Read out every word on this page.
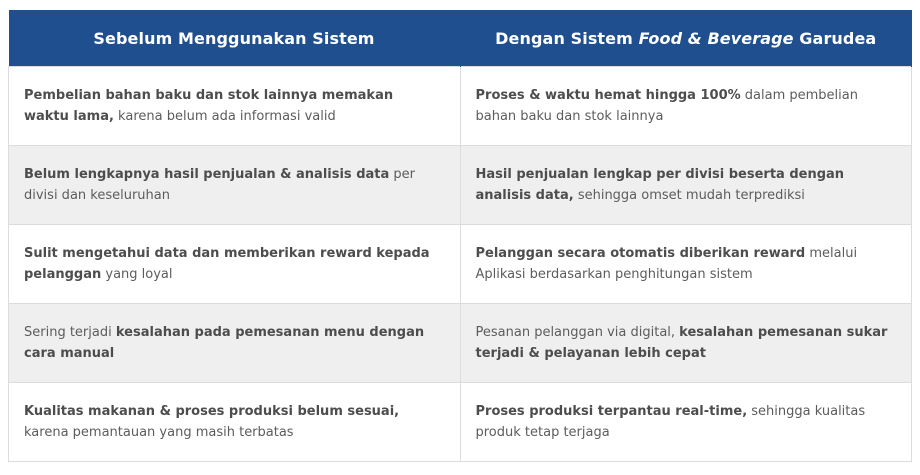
Sebelum Menggunakan Sistem	Dengan Sistem Food & Beverage Garudea
Pembelian bahan baku dan stok lainnya memakan waktu lama, karena belum ada informasi valid	Proses & waktu hemat hingga 100% dalam pembelian bahan baku dan stok lainnya
Belum lengkapnya hasil penjualan & analisis data per divisi dan keseluruhan	Hasil penjualan lengkap per divisi beserta dengan analisis data, sehingga omset mudah terprediksi
Sulit mengetahui data dan memberikan reward kepada pelanggan yang loyal	Pelanggan secara otomatis diberikan reward melalui Aplikasi berdasarkan penghitungan sistem
Sering terjadi kesalahan pada pemesanan menu dengan cara manual	Pesanan pelanggan via digital, kesalahan pemesanan sukar terjadi & pelayanan lebih cepat
Kualitas makanan & proses produksi belum sesuai, karena pemantauan yang masih terbatas	Proses produksi terpantau real-time, sehingga kualitas produk tetap terjaga
